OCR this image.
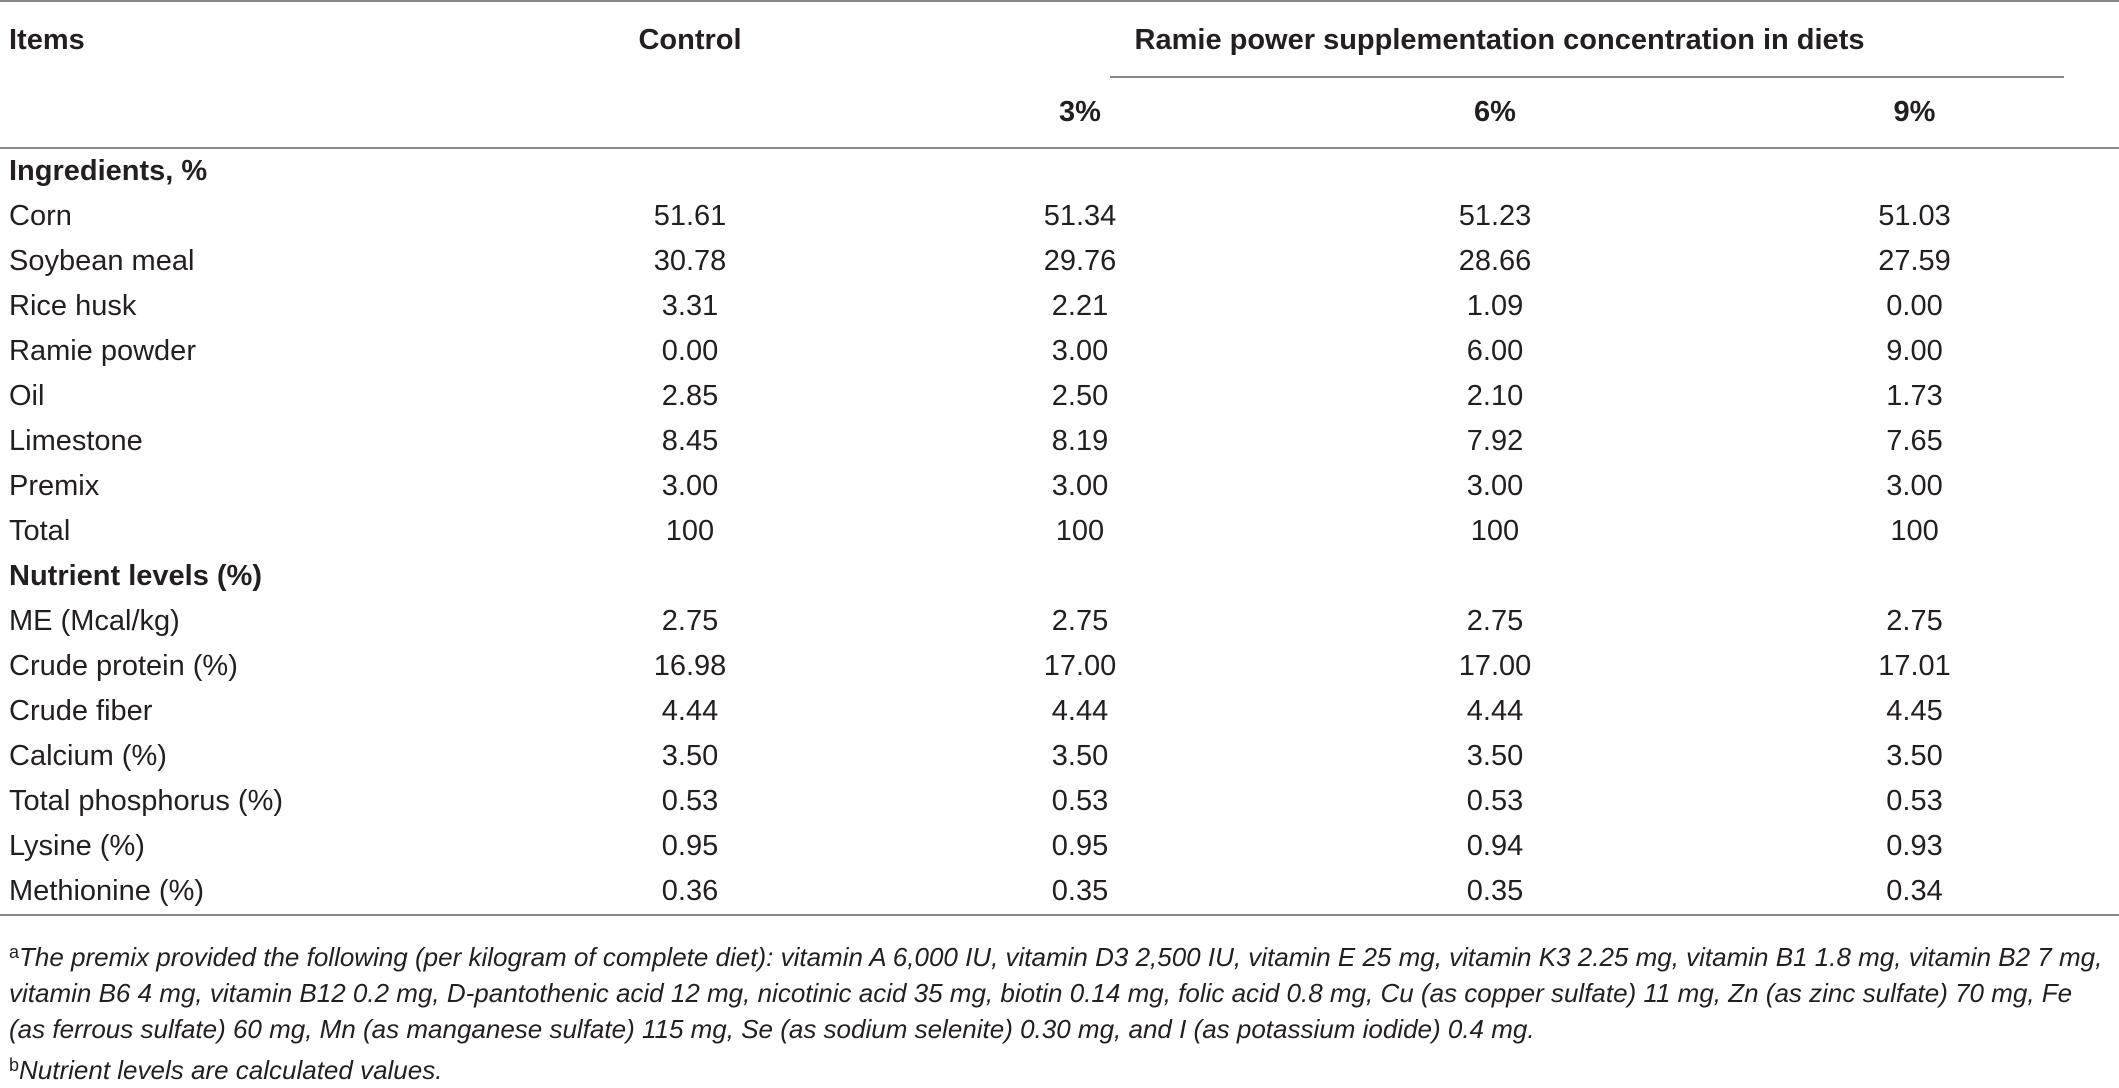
Items	Control	Ramie power supplementation concentration in diets		

		3%	6%	9%
Ingredients, %				
Corn	51.61	51.34	51.23	51.03
Soybean meal	30.78	29.76	28.66	27.59
Rice husk	3.31	2.21	1.09	0.00
Ramie powder	0.00	3.00	6.00	9.00
Oil	2.85	2.50	2.10	1.73
Limestone	8.45	8.19	7.92	7.65
Premix	3.00	3.00	3.00	3.00
Total	100	100	100	100
Nutrient levels (%)				
ME (Mcal/kg)	2.75	2.75	2.75	2.75
Crude protein (%)	16.98	17.00	17.00	17.01
Crude fiber	4.44	4.44	4.44	4.45
Calcium (%)	3.50	3.50	3.50	3.50
Total phosphorus (%)	0.53	0.53	0.53	0.53
Lysine (%)	0.95	0.95	0.94	0.93
Methionine (%)	0.36	0.35	0.35	0.34

$^a$The premix provided the following (per kilogram of complete diet): vitamin A 6,000 IU, vitamin D3 2,500 IU, vitamin E 25 mg, vitamin K3 2.25 mg, vitamin B1 1.8 mg, vitamin B2 7 mg, vitamin B6 4 mg, vitamin B12 0.2 mg, D-pantothenic acid 12 mg, nicotinic acid 35 mg, biotin 0.14 mg, folic acid 0.8 mg, Cu (as copper sulfate) 11 mg, Zn (as zinc sulfate) 70 mg, Fe (as ferrous sulfate) 60 mg, Mn (as manganese sulfate) 115 mg, Se (as sodium selenite) 0.30 mg, and I (as potassium iodide) 0.4 mg.

$^b$Nutrient levels are calculated values.
